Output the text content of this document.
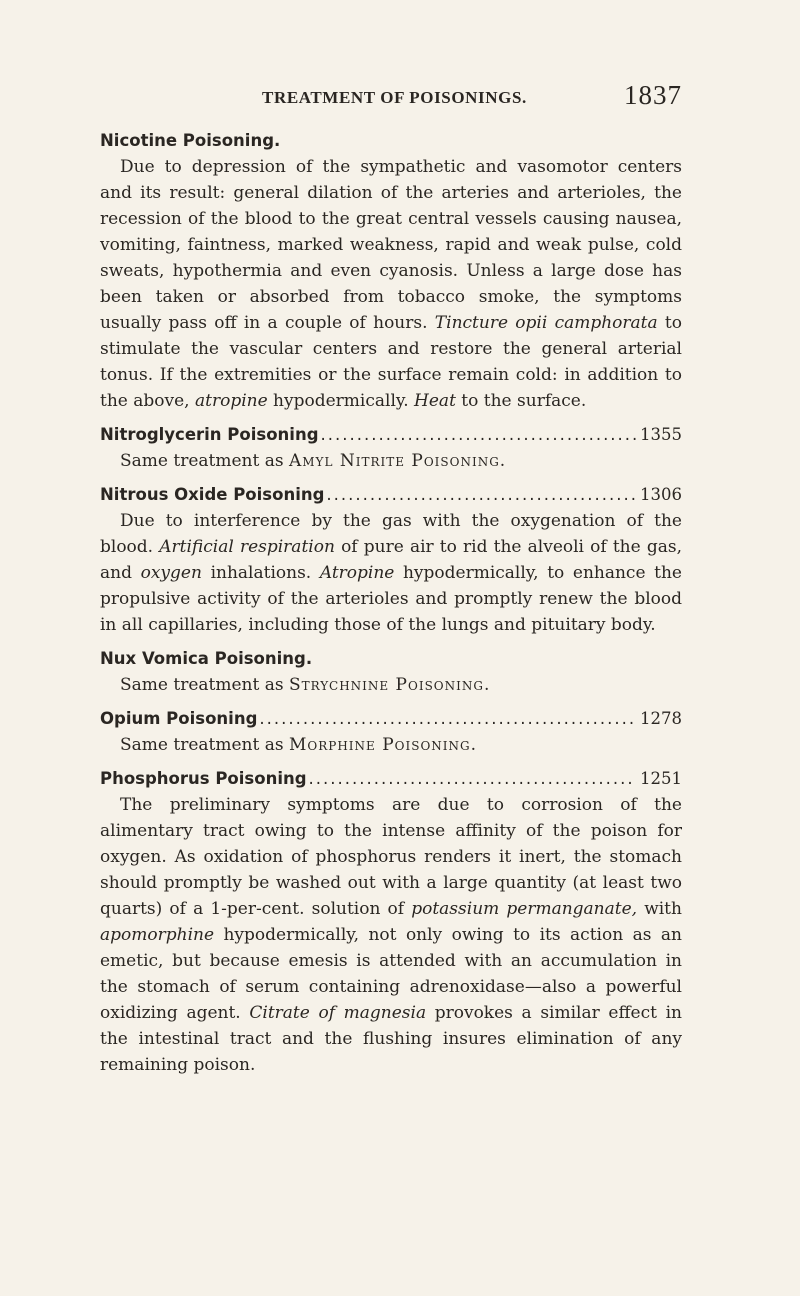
TREATMENT OF POISONINGS.	1837
Nicotine Poisoning.

Due to depression of the sympathetic and vasomotor centers and its result: general dilation of the arteries and arterioles, the recession of the blood to the great central vessels causing nausea, vomiting, faintness, marked weakness, rapid and weak pulse, cold sweats, hypothermia and even cyanosis. Unless a large dose has been taken or absorbed from tobacco smoke, the symptoms usually pass off in a couple of hours. Tincture opii camphorata to stimulate the vascular centers and restore the general arterial tonus. If the extremities or the surface remain cold: in addition to the above, atropine hypodermically. Heat to the surface.

Nitroglycerin Poisoning .....	1355

Same treatment as Amyl Nitrite Poisoning.

Nitrous Oxide Poisoning .....	1306

Due to interference by the gas with the oxygenation of the blood. Artificial respiration of pure air to rid the alveoli of the gas, and oxygen inhalations. Atropine hypodermically, to enhance the propulsive activity of the arterioles and promptly renew the blood in all capillaries, including those of the lungs and pituitary body.

Nux Vomica Poisoning.

Same treatment as Strychnine Poisoning.

Opium Poisoning .....	1278

Same treatment as Morphine Poisoning.

Phosphorus Poisoning .....	1251

The preliminary symptoms are due to corrosion of the alimentary tract owing to the intense affinity of the poison for oxygen. As oxidation of phosphorus renders it inert, the stomach should promptly be washed out with a large quantity (at least two quarts) of a 1-per-cent. solution of potassium permanganate, with apomorphine hypodermically, not only owing to its action as an emetic, but because emesis is attended with an accumulation in the stomach of serum containing adrenoxidase—also a powerful oxidizing agent. Citrate of magnesia provokes a similar effect in the intestinal tract and the flushing insures elimination of any remaining poison.
